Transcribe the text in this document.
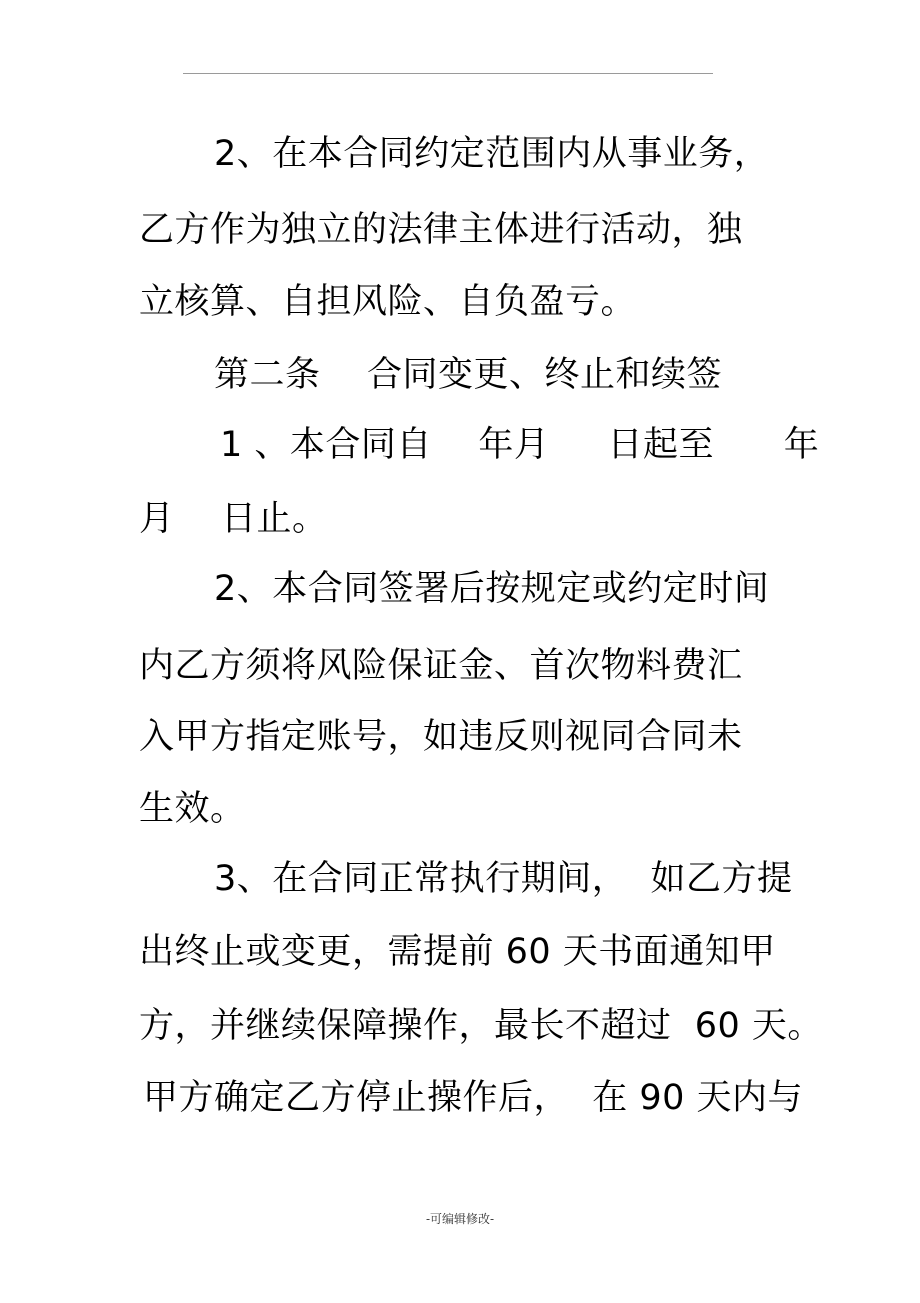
2、在本合同约定范围内从事业务，
乙方作为独立的法律主体进行活动，独
立核算、自担风险、自负盈亏。
第二条    合同变更、终止和续签
1 、本合同自    年月     日起至      年
月    日止。
2、本合同签署后按规定或约定时间
内乙方须将风险保证金、首次物料费汇
入甲方指定账号，如违反则视同合同未
生效。
3、在合同正常执行期间，  如乙方提
出终止或变更，需提前 60 天书面通知甲
方，并继续保障操作，最长不超过  60 天。
甲方确定乙方停止操作后，  在 90 天内与
-可编辑修改-
